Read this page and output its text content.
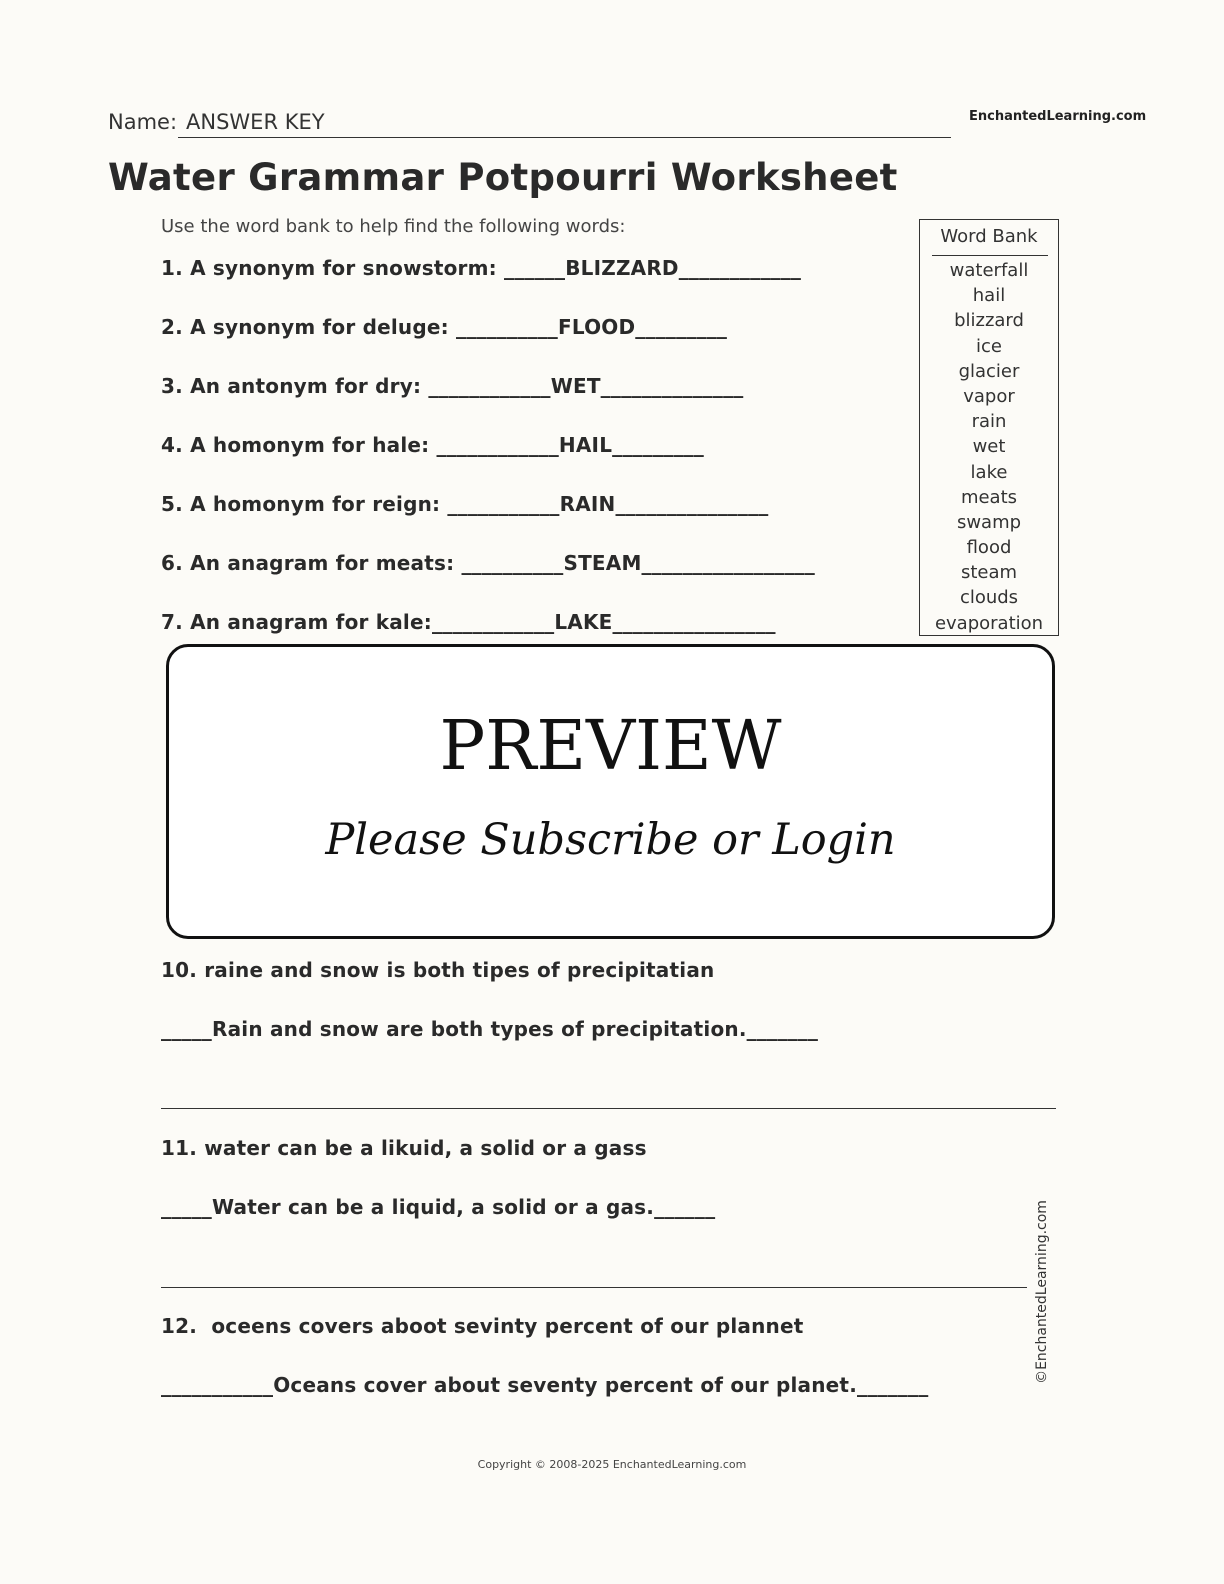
Name: ANSWER KEY	EnchantedLearning.com
Water Grammar Potpourri Worksheet
Use the word bank to help find the following words:
1. A synonym for snowstorm: ______BLIZZARD____________
2. A synonym for deluge: __________FLOOD_________
3. An antonym for dry: ____________WET______________
4. A homonym for hale: ____________HAIL_________
5. A homonym for reign: ___________RAIN_______________
6. An anagram for meats: __________STEAM_________________
7. An anagram for kale:____________LAKE________________
Word Bank
waterfall
hail
blizzard
ice
glacier
vapor
rain
wet
lake
meats
swamp
flood
steam
clouds
evaporation
PREVIEW
Please Subscribe or Login
10. raine and snow is both tipes of precipitatian
_____Rain and snow are both types of precipitation._______
11. water can be a likuid, a solid or a gass
_____Water can be a liquid, a solid or a gas.______
12.  oceens covers aboot sevinty percent of our plannet
___________Oceans cover about seventy percent of our planet._______
©EnchantedLearning.com
Copyright © 2008-2025 EnchantedLearning.com
